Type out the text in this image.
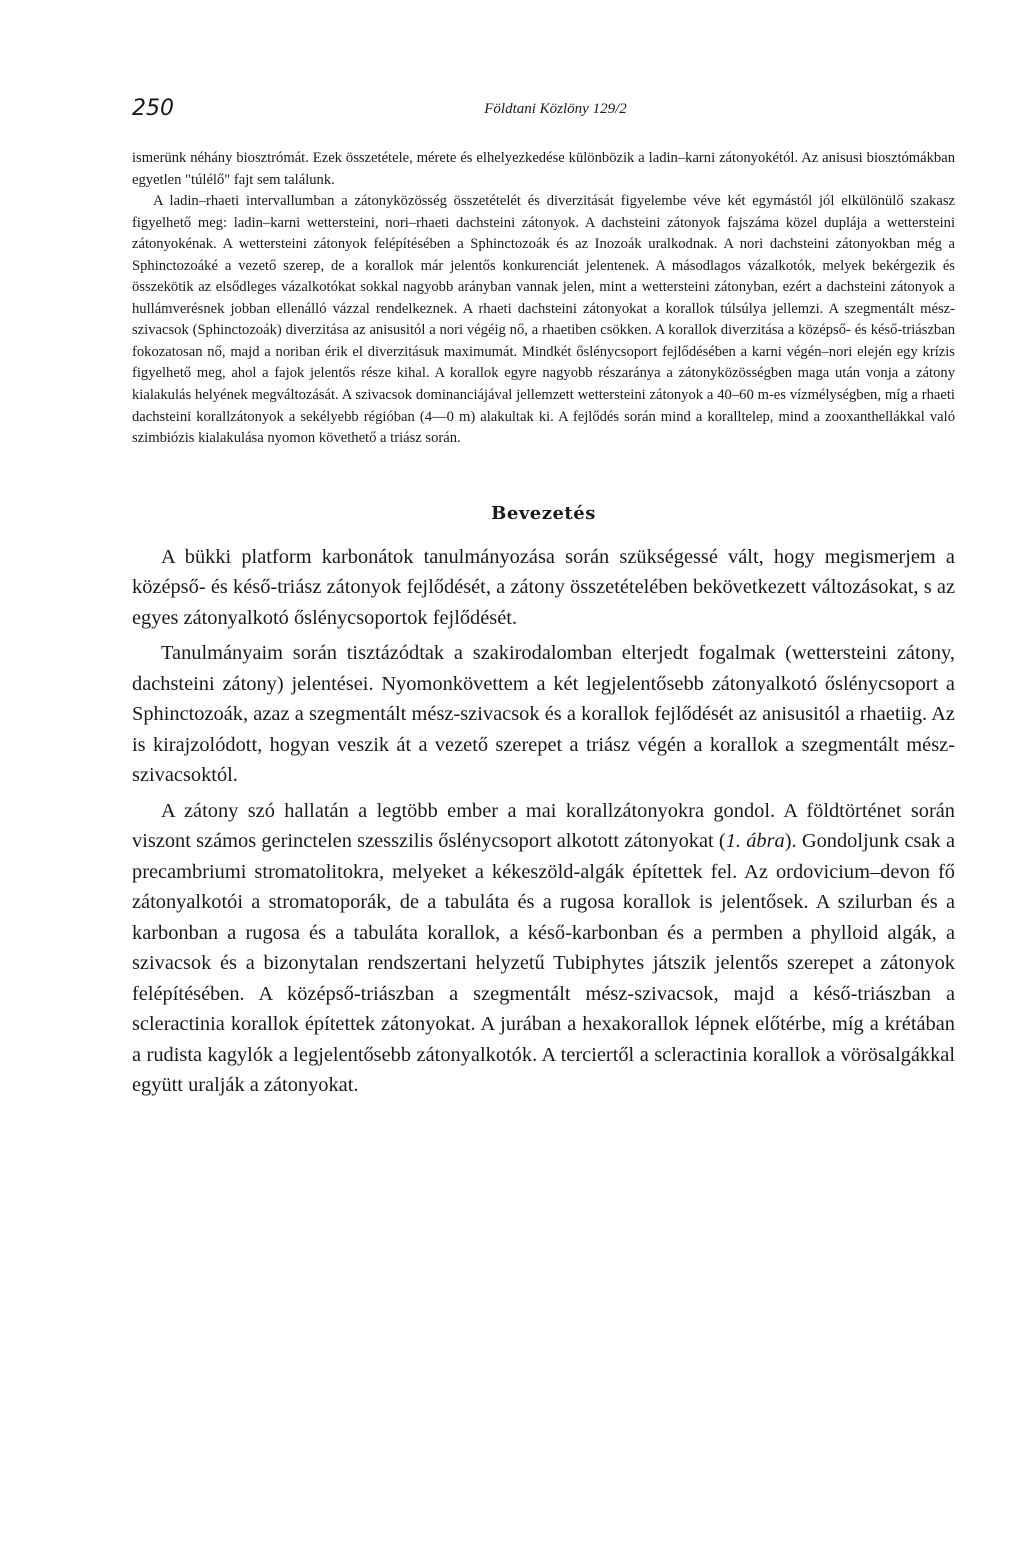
250	Földtani Közlöny 129/2

ismerünk néhány biosztrómát. Ezek összetétele, mérete és elhelyezkedése különbözik a ladin–karni zátonyokétól. Az anisusi biosztómákban egyetlen "túlélő" fajt sem találunk.

A ladin–rhaeti intervallumban a zátonyközösség összetételét és diverzitását figyelembe véve két egymástól jól elkülönülő szakasz figyelhető meg: ladin–karni wettersteini, nori–rhaeti dachsteini zátonyok. A dachsteini zátonyok fajszáma közel duplája a wettersteini zátonyokénak. A wettersteini zátonyok felépítésében a Sphinctozoák és az Inozoák uralkodnak. A nori dachsteini zátonyokban még a Sphinctozoáké a vezető szerep, de a korallok már jelentős konkurenciát jelentenek. A másodlagos vázalkotók, melyek bekérgezik és összekötik az elsődleges vázalkotókat sokkal nagyobb arányban vannak jelen, mint a wettersteini zátonyban, ezért a dachsteini zátonyok a hullámverésnek jobban ellenálló vázzal rendelkeznek. A rhaeti dachsteini zátonyokat a korallok túlsúlya jellemzi. A szegmentált mész-szivacsok (Sphinctozoák) diverzitása az anisusitól a nori végéig nő, a rhaetiben csökken. A korallok diverzitása a középső- és késő-triászban fokozatosan nő, majd a noriban érik el diverzitásuk maximumát. Mindkét őslénycsoport fejlődésében a karni végén–nori elején egy krízis figyelhető meg, ahol a fajok jelentős része kihal. A korallok egyre nagyobb részaránya a zátonyközösségben maga után vonja a zátony kialakulás helyének megváltozását. A szivacsok dominanciájával jellemzett wettersteini zátonyok a 40–60 m-es vízmélységben, míg a rhaeti dachsteini korallzátonyok a sekélyebb régióban (4—0 m) alakultak ki. A fejlődés során mind a koralltelep, mind a zooxanthellákkal való szimbiózis kialakulása nyomon követhető a triász során.

Bevezetés

A bükki platform karbonátok tanulmányozása során szükségessé vált, hogy megismerjem a középső- és késő-triász zátonyok fejlődését, a zátony összetételében bekövetkezett változásokat, s az egyes zátonyalkotó őslénycsoportok fejlődését.

Tanulmányaim során tisztázódtak a szakirodalomban elterjedt fogalmak (wettersteini zátony, dachsteini zátony) jelentései. Nyomonkövettem a két legjelentősebb zátonyalkotó őslénycsoport a Sphinctozoák, azaz a szegmentált mész-szivacsok és a korallok fejlődését az anisusitól a rhaetiig. Az is kirajzolódott, hogyan veszik át a vezető szerepet a triász végén a korallok a szegmentált mész-szivacsoktól.

A zátony szó hallatán a legtöbb ember a mai korallzátonyokra gondol. A földtörténet során viszont számos gerinctelen szesszilis őslénycsoport alkotott zátonyokat (1. ábra). Gondoljunk csak a precambriumi stromatolitokra, melyeket a kékeszöld-algák építettek fel. Az ordovicium–devon fő zátonyalkotói a stromatoporák, de a tabuláta és a rugosa korallok is jelentősek. A szilurban és a karbonban a rugosa és a tabuláta korallok, a késő-karbonban és a permben a phylloid algák, a szivacsok és a bizonytalan rendszertani helyzetű Tubiphytes játszik jelentős szerepet a zátonyok felépítésében. A középső-triászban a szegmentált mész-szivacsok, majd a késő-triászban a scleractinia korallok építettek zátonyokat. A jurában a hexakorallok lépnek előtérbe, míg a krétában a rudista kagylók a legjelentősebb zátonyalkotók. A terciertől a scleractinia korallok a vörösalgákkal együtt uralják a zátonyokat.
